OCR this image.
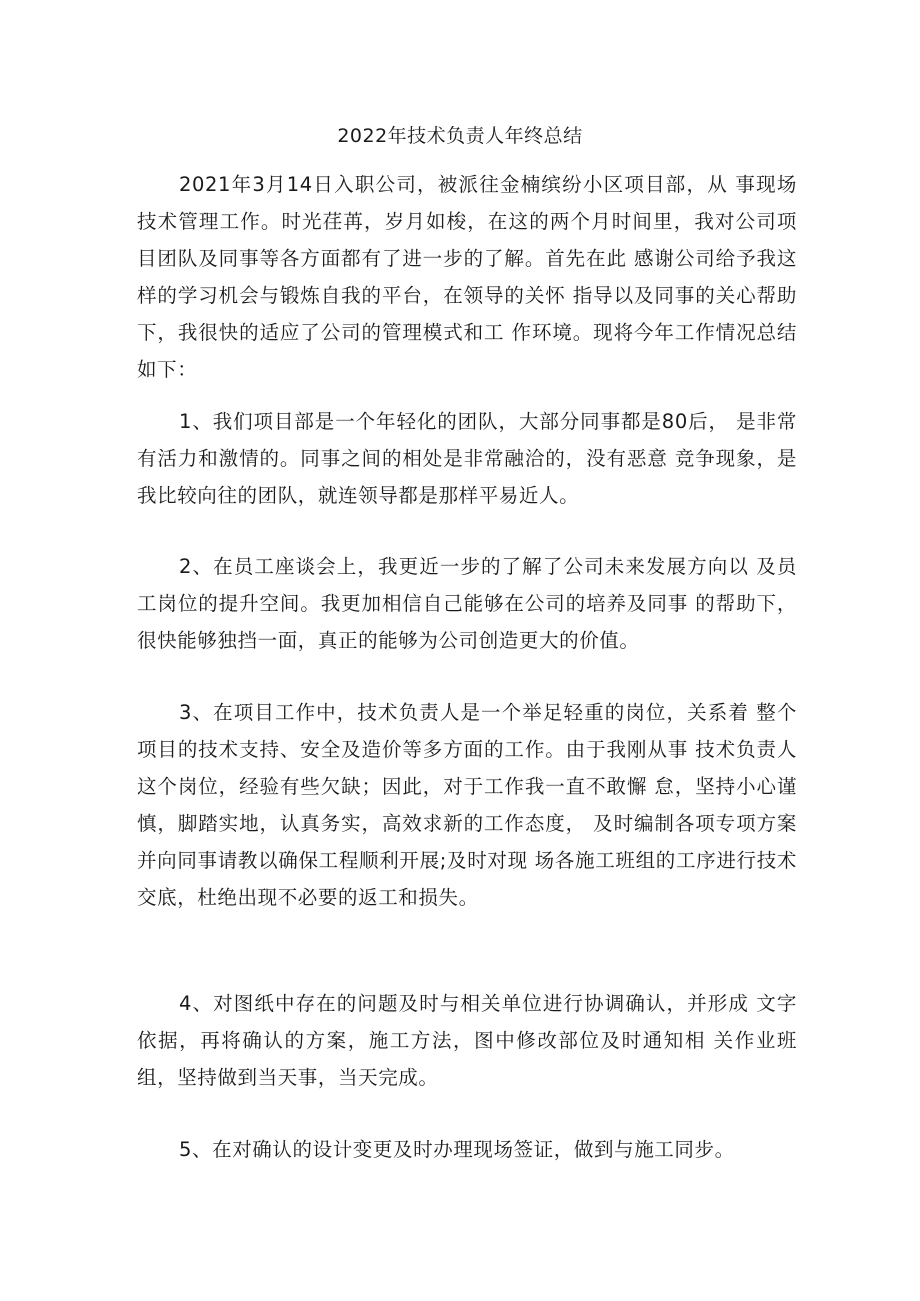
2022年技术负责人年终总结

2021年3月14日入职公司，被派往金楠缤纷小区项目部，从 事现场技术管理工作。时光荏苒，岁月如梭，在这的两个月时间里，我对公司项目团队及同事等各方面都有了进一步的了解。首先在此 感谢公司给予我这样的学习机会与锻炼自我的平台，在领导的关怀 指导以及同事的关心帮助下，我很快的适应了公司的管理模式和工 作环境。现将今年工作情况总结如下：

1、我们项目部是一个年轻化的团队，大部分同事都是80后， 是非常有活力和激情的。同事之间的相处是非常融洽的，没有恶意 竞争现象，是我比较向往的团队，就连领导都是那样平易近人。

2、在员工座谈会上，我更近一步的了解了公司未来发展方向以 及员工岗位的提升空间。我更加相信自己能够在公司的培养及同事 的帮助下，很快能够独挡一面，真正的能够为公司创造更大的价值。

3、在项目工作中，技术负责人是一个举足轻重的岗位，关系着 整个项目的技术支持、安全及造价等多方面的工作。由于我刚从事 技术负责人这个岗位，经验有些欠缺；因此，对于工作我一直不敢懈 怠，坚持小心谨慎，脚踏实地，认真务实，高效求新的工作态度， 及时编制各项专项方案并向同事请教以确保工程顺利开展;及时对现 场各施工班组的工序进行技术交底，杜绝出现不必要的返工和损失。

4、对图纸中存在的问题及时与相关单位进行协调确认，并形成 文字依据，再将确认的方案，施工方法，图中修改部位及时通知相 关作业班组，坚持做到当天事，当天完成。

5、在对确认的设计变更及时办理现场签证，做到与施工同步。
